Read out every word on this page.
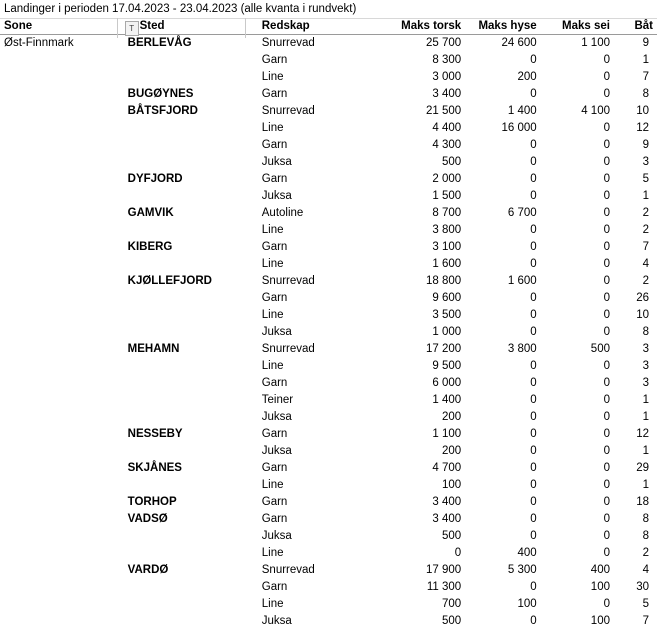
Landinger i perioden 17.04.2023 - 23.04.2023 (alle kvanta i rundvekt)
Sone	T Sted	Redskap	Maks torsk	Maks hyse	Maks sei	Båt
Øst-Finnmark	BERLEVÅG	Snurrevad	25 700	24 600	1 100	9
		Garn	8 300	0	0	1
		Line	3 000	200	0	7
	BUGØYNES	Garn	3 400	0	0	8
	BÅTSFJORD	Snurrevad	21 500	1 400	4 100	10
		Line	4 400	16 000	0	12
		Garn	4 300	0	0	9
		Juksa	500	0	0	3
	DYFJORD	Garn	2 000	0	0	5
		Juksa	1 500	0	0	1
	GAMVIK	Autoline	8 700	6 700	0	2
		Line	3 800	0	0	2
	KIBERG	Garn	3 100	0	0	7
		Line	1 600	0	0	4
	KJØLLEFJORD	Snurrevad	18 800	1 600	0	2
		Garn	9 600	0	0	26
		Line	3 500	0	0	10
		Juksa	1 000	0	0	8
	MEHAMN	Snurrevad	17 200	3 800	500	3
		Line	9 500	0	0	3
		Garn	6 000	0	0	3
		Teiner	1 400	0	0	1
		Juksa	200	0	0	1
	NESSEBY	Garn	1 100	0	0	12
		Juksa	200	0	0	1
	SKJÅNES	Garn	4 700	0	0	29
		Line	100	0	0	1
	TORHOP	Garn	3 400	0	0	18
	VADSØ	Garn	3 400	0	0	8
		Juksa	500	0	0	8
		Line	0	400	0	2
	VARDØ	Snurrevad	17 900	5 300	400	4
		Garn	11 300	0	100	30
		Line	700	100	0	5
		Juksa	500	0	100	7
